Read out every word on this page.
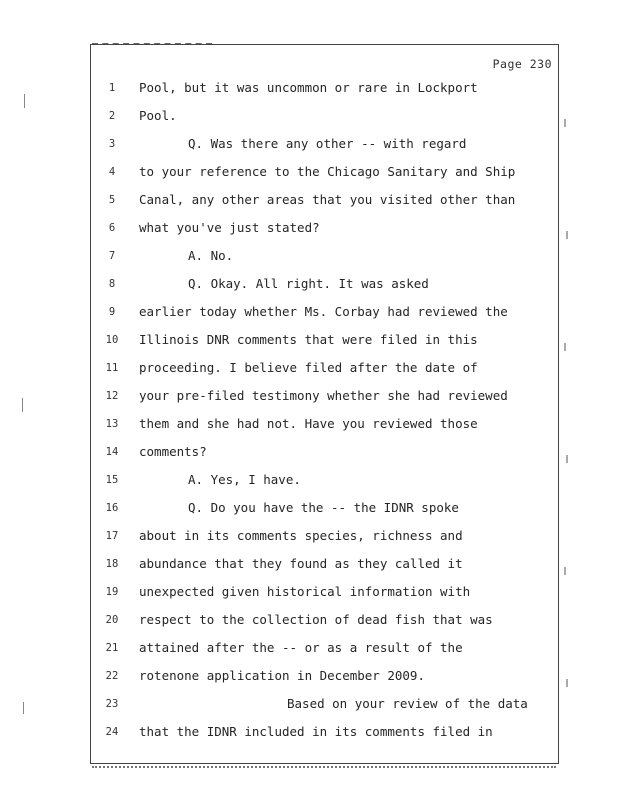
Page 230
1	Pool, but it was uncommon or rare in Lockport
2	Pool.
3	Q. Was there any other -- with regard
4	to your reference to the Chicago Sanitary and Ship
5	Canal, any other areas that you visited other than
6	what you've just stated?
7	A. No.
8	Q. Okay. All right. It was asked
9	earlier today whether Ms. Corbay had reviewed the
10	Illinois DNR comments that were filed in this
11	proceeding. I believe filed after the date of
12	your pre-filed testimony whether she had reviewed
13	them and she had not. Have you reviewed those
14	comments?
15	A. Yes, I have.
16	Q. Do you have the -- the IDNR spoke
17	about in its comments species, richness and
18	abundance that they found as they called it
19	unexpected given historical information with
20	respect to the collection of dead fish that was
21	attained after the -- or as a result of the
22	rotenone application in December 2009.
23	Based on your review of the data
24	that the IDNR included in its comments filed in
